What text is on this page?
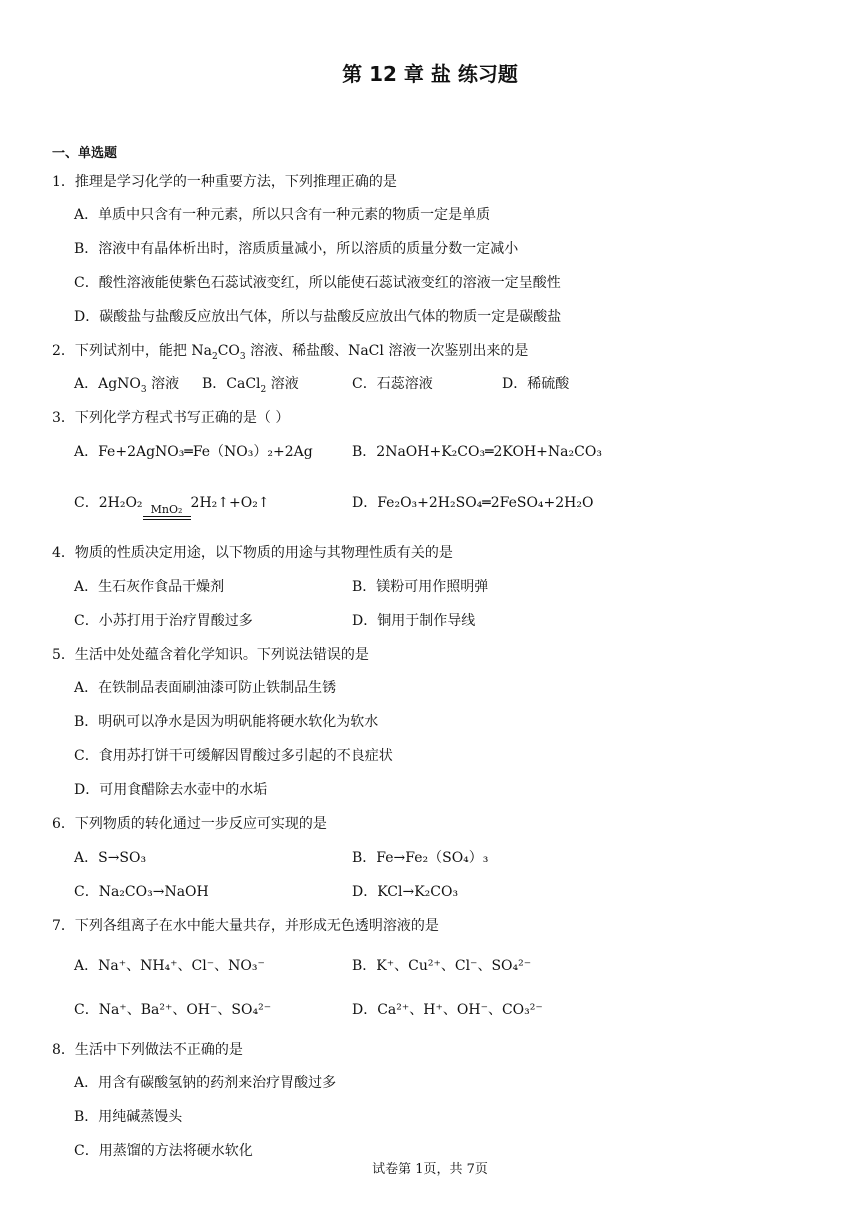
第 12 章 盐 练习题
一、单选题
1．推理是学习化学的一种重要方法，下列推理正确的是
A．单质中只含有一种元素，所以只含有一种元素的物质一定是单质
B．溶液中有晶体析出时，溶质质量减小，所以溶质的质量分数一定减小
C．酸性溶液能使紫色石蕊试液变红，所以能使石蕊试液变红的溶液一定呈酸性
D．碳酸盐与盐酸反应放出气体，所以与盐酸反应放出气体的物质一定是碳酸盐
2．下列试剂中，能把 $Na_2CO_3$ 溶液、稀盐酸、NaCl 溶液一次鉴别出来的是
A．AgNO$_3$ 溶液 B．CaCl$_2$ 溶液	C．石蕊溶液	D．稀硫酸
3．下列化学方程式书写正确的是（ ）
A．Fe+2AgNO₃═Fe（NO₃）₂+2Ag	B．2NaOH+K₂CO₃═2KOH+Na₂CO₃
C．2H₂O₂ MnO₂ 2H₂↑+O₂↑	D．Fe₂O₃+2H₂SO₄═2FeSO₄+2H₂O
4．物质的性质决定用途，以下物质的用途与其物理性质有关的是
A．生石灰作食品干燥剂	B．镁粉可用作照明弹
C．小苏打用于治疗胃酸过多	D．铜用于制作导线
5．生活中处处蕴含着化学知识。下列说法错误的是
A．在铁制品表面刷油漆可防止铁制品生锈
B．明矾可以净水是因为明矾能将硬水软化为软水
C．食用苏打饼干可缓解因胃酸过多引起的不良症状
D．可用食醋除去水壶中的水垢
6．下列物质的转化通过一步反应可实现的是
A．S→SO₃	B．Fe→Fe₂（SO₄）₃
C．Na₂CO₃→NaOH	D．KCl→K₂CO₃
7．下列各组离子在水中能大量共存，并形成无色透明溶液的是
A．Na⁺、NH₄⁺、Cl⁻、NO₃⁻	B．K⁺、Cu²⁺、Cl⁻、SO₄²⁻
C．Na⁺、Ba²⁺、OH⁻、SO₄²⁻	D．Ca²⁺、H⁺、OH⁻、CO₃²⁻
8．生活中下列做法不正确的是
A．用含有碳酸氢钠的药剂来治疗胃酸过多
B．用纯碱蒸馒头
C．用蒸馏的方法将硬水软化
试卷第 1页，共 7页
